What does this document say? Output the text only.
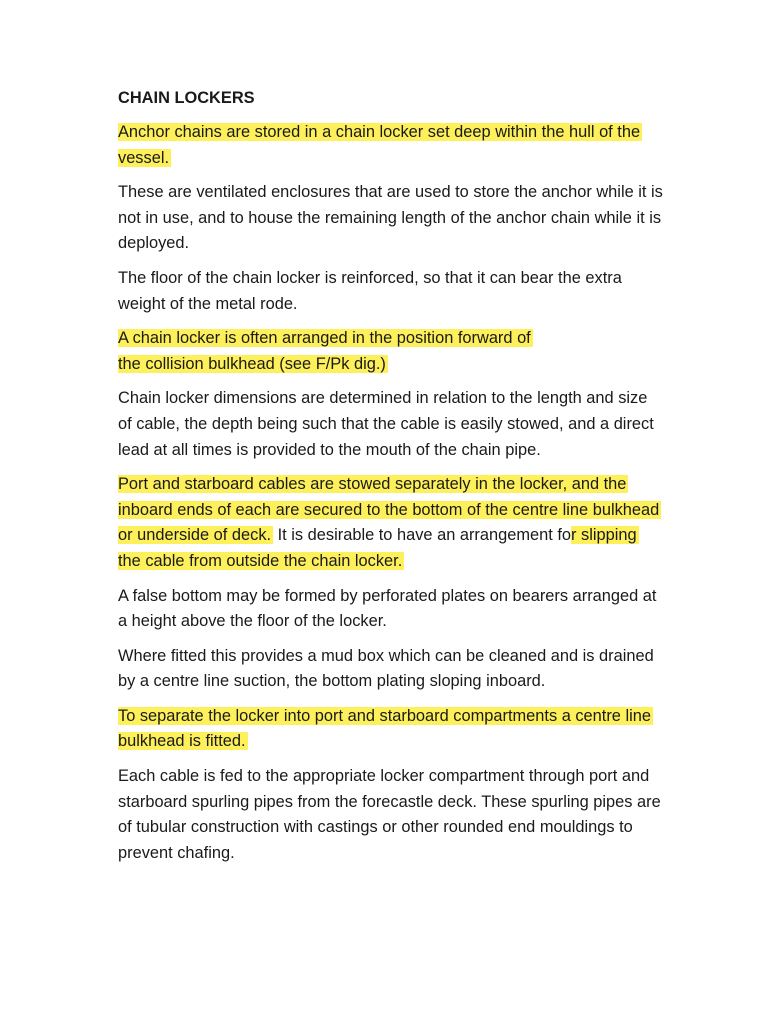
CHAIN LOCKERS

Anchor chains are stored in a chain locker set deep within the hull of the vessel.

These are ventilated enclosures that are used to store the anchor while it is not in use, and to house the remaining length of the anchor chain while it is deployed.

The floor of the chain locker is reinforced, so that it can bear the extra weight of the metal rode.

A chain locker is often arranged in the position forward of
the collision bulkhead (see F/Pk dig.)

Chain locker dimensions are determined in relation to the length and size of cable, the depth being such that the cable is easily stowed, and a direct lead at all times is provided to the mouth of the chain pipe.

Port and starboard cables are stowed separately in the locker, and the inboard ends of each are secured to the bottom of the centre line bulkhead or underside of deck. It is desirable to have an arrangement for slipping the cable from outside the chain locker.

A false bottom may be formed by perforated plates on bearers arranged at a height above the floor of the locker.

Where fitted this provides a mud box which can be cleaned and is drained by a centre line suction, the bottom plating sloping inboard.

To separate the locker into port and starboard compartments a centre line bulkhead is fitted.

Each cable is fed to the appropriate locker compartment through port and starboard spurling pipes from the forecastle deck. These spurling pipes are of tubular construction with castings or other rounded end mouldings to prevent chafing.
